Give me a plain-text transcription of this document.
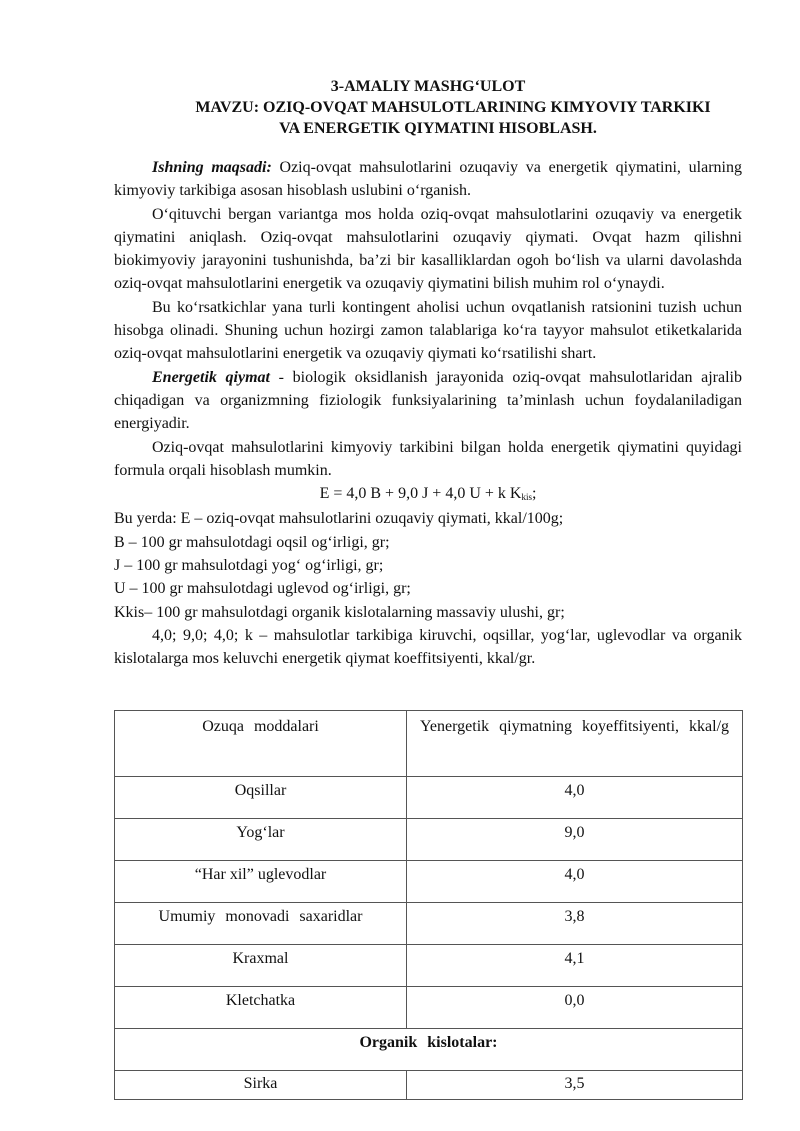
3-AMALIY MASHG‘ULOT
MAVZU: OZIQ-OVQAT MAHSULOTLARINING KIMYOVIY TARKIKI
VA ENERGETIK QIYMATINI HISOBLASH.

Ishning maqsadi: Oziq-ovqat mahsulotlarini ozuqaviy va energetik qiymatini, ularning kimyoviy tarkibiga asosan hisoblash uslubini o‘rganish.

O‘qituvchi bergan variantga mos holda oziq-ovqat mahsulotlarini ozuqaviy va energetik qiymatini aniqlash. Oziq-ovqat mahsulotlarini ozuqaviy qiymati. Ovqat hazm qilishni biokimyoviy jarayonini tushunishda, ba’zi bir kasalliklardan ogoh bo‘lish va ularni davolashda oziq-ovqat mahsulotlarini energetik va ozuqaviy qiymatini bilish muhim rol o‘ynaydi.

Bu ko‘rsatkichlar yana turli kontingent aholisi uchun ovqatlanish ratsionini tuzish uchun hisobga olinadi. Shuning uchun hozirgi zamon talablariga ko‘ra tayyor mahsulot etiketkalarida oziq-ovqat mahsulotlarini energetik va ozuqaviy qiymati ko‘rsatilishi shart.

Energetik qiymat - biologik oksidlanish jarayonida oziq-ovqat mahsulotlaridan ajralib chiqadigan va organizmning fiziologik funksiyalarining ta’minlash uchun foydalaniladigan energiyadir.

Oziq-ovqat mahsulotlarini kimyoviy tarkibini bilgan holda energetik qiymatini quyidagi formula orqali hisoblash mumkin.

E = 4,0 B + 9,0 J + 4,0 U + k $K_{kis}$;

Bu yerda: E – oziq-ovqat mahsulotlarini ozuqaviy qiymati, kkal/100g;

B – 100 gr mahsulotdagi oqsil og‘irligi, gr;

J – 100 gr mahsulotdagi yog‘ og‘irligi, gr;

U – 100 gr mahsulotdagi uglevod og‘irligi, gr;

Kkis– 100 gr mahsulotdagi organik kislotalarning massaviy ulushi, gr;

4,0; 9,0; 4,0; k – mahsulotlar tarkibiga kiruvchi, oqsillar, yog‘lar, uglevodlar va organik kislotalarga mos keluvchi energetik qiymat koeffitsiyenti, kkal/gr.

Ozuqa moddalari	Yenergetik qiymatning koyeffitsiyenti, kkal/g
Oqsillar	4,0
Yog‘lar	9,0
“Har xil” uglevodlar	4,0
Umumiy monovadi saxaridlar	3,8
Kraxmal	4,1
Kletchatka	0,0
Organik kislotalar:	
Sirka	3,5
